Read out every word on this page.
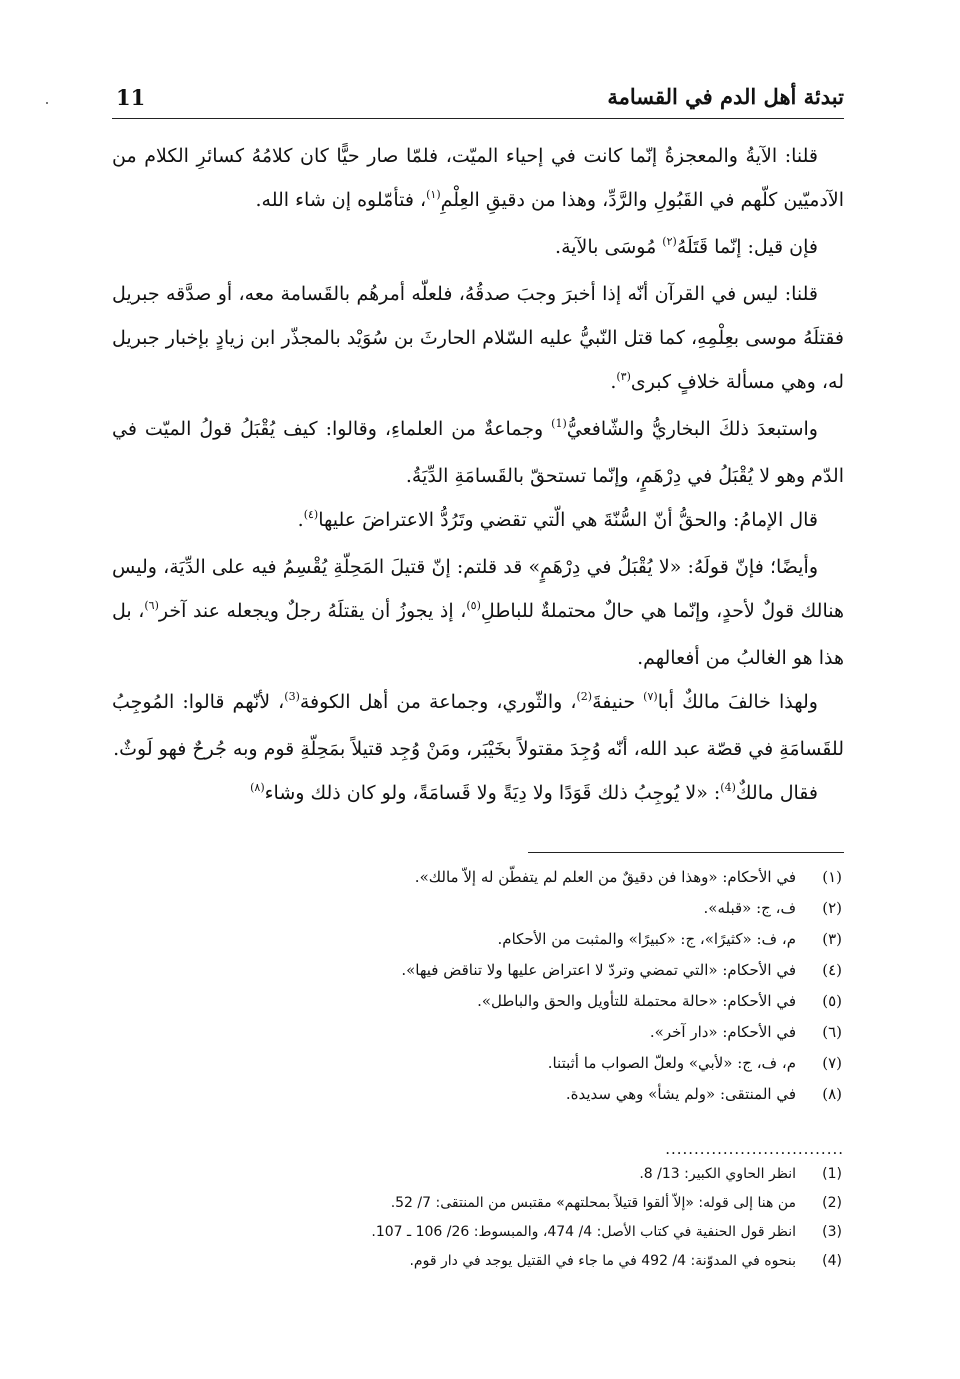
تبدئة أهل الدم في القسامة
11

قلنا: الآيةُ والمعجزةُ إنّما كانت في إحياء الميّت، فلمّا صار حيًّا كان كلامُهُ كسائرِ الكلام من الآدميّين كلّهم في القَبُولِ والرَّدِّ، وهذا من دقيقِ العِلْمِ$^{(١)}$، فتأمّلوه إن شاء الله.

فإن قيل: إنّما قَتَلَهُ$^{(٢)}$ مُوسَى بالآية.

قلنا: ليس في القرآن أنّه إذا أخبرَ وجبَ صدقُهُ، فلعلّه أمرهُم بالقَسامة معه، أو صدَّقه جبريل فقتلَهُ موسى بعِلْمِهِ، كما قتل النّبيُّ عليه السّلام الحارثَ بن سُوَيْد بالمجذّر ابن زيادٍ بإخبار جبريل له، وهي مسألة خلافٍ كبرى$^{(٣)}$.

واستبعدَ ذلكَ البخاريُّ والشّافعيُّ$^{(1)}$ وجماعةٌ من العلماءِ، وقالوا: كيف يُقْبَلُ قولُ الميّت في الدّم وهو لا يُقْبَلُ في دِرْهَمٍ، وإنّما تستحقّ بالقَسامَةِ الدِّيَةُ.

قال الإمامُ: والحقُّ أنّ السُّنّةَ هي الّتي تقضي وتَرُدُّ الاعتراضَ عليها$^{(٤)}$.

وأيضًا؛ فإنّ قولَهُ: «لا يُقْبَلُ في دِرْهَمٍ» قد قلتم: إنّ قتيلَ المَحِلّةِ يُقْسِمُ فيه على الدِّيَة، وليس هنالك قولٌ لأحدٍ، وإنّما هي حالٌ محتملةٌ للباطلِ$^{(٥)}$، إذ يجوزُ أن يقتلَهُ رجلٌ ويجعله عند آخر$^{(٦)}$، بل هذا هو الغالبُ من أفعالهم.

ولهذا خالفَ مالكٌ أبا$^{(٧)}$ حنيفةَ$^{(2)}$، والثّوري، وجماعة من أهل الكوفة$^{(3)}$، لأنّهم قالوا: المُوجِبُ للقَسامَةِ في قصّة عبد الله، أنّه وُجِدَ مقتولاً بخَيْبَر، ومَنْ وُجِد قتيلاً بمَحِلّةِ قوم وبه جُرحٌ فهو لَوثٌ.

فقال مالكٌ$^{(4)}$: «لا يُوجِبُ ذلك قَوَدًا ولا دِيَةً ولا قَسامَةً، ولو كان ذلك وشاء$^{(٨)}$

(١)
في الأحكام: «وهذا فن دقيقٌ من العلم لم يتفطّن له إلاّ مالك».
(٢)
ف، ج: «قبله».
(٣)
م، ف: «كثيرًا»، ج: «كبيرًا» والمثبت من الأحكام.
(٤)
في الأحكام: «التي تمضي وتردّ لا اعتراض عليها ولا تناقض فيها».
(٥)
في الأحكام: «حالة محتملة للتأويل والحق والباطل».
(٦)
في الأحكام: «دار آخر».
(٧)
م، ف، ج: «لأبي» ولعلّ الصواب ما أثبتنا.
(٨)
في المنتقى: «ولم يشأ» وهي سديدة.
...............................
(1)
انظر الحاوي الكبير: 13/ 8.
(2)
من هنا إلى قوله: «إلاّ ألقوا قتيلاً بمحلتهم» مقتبس من المنتقى: 7/ 52.
(3)
انظر قول الحنفية في كتاب الأصل: 4/ 474، والمبسوط: 26/ 106 ـ 107.
(4)
بنحوه في المدوّنة: 4/ 492 في ما جاء في القتيل يوجد في دار قوم.
